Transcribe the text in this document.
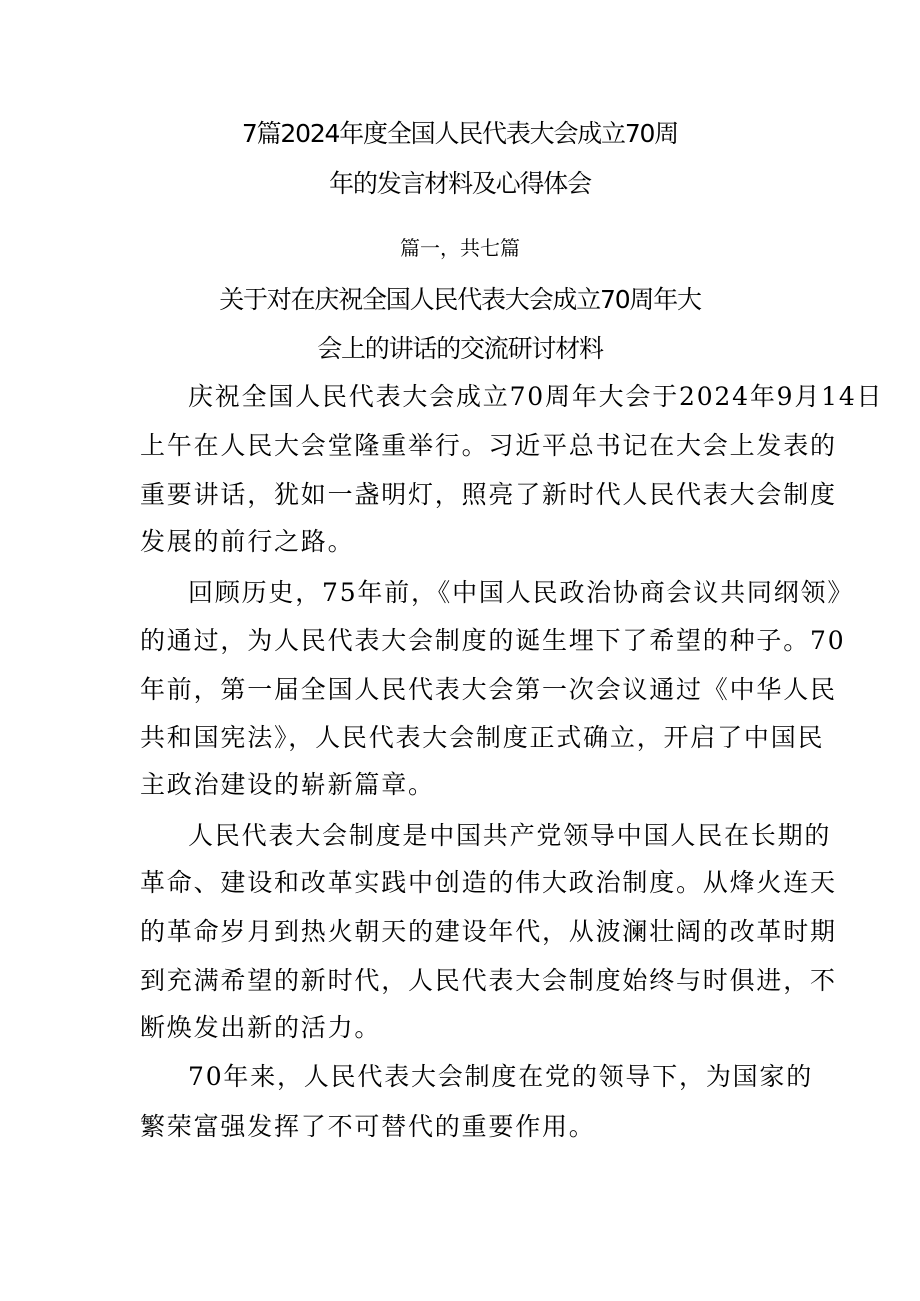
7篇2024年度全国人民代表大会成立70周
年的发言材料及心得体会
篇一，共七篇
关于对在庆祝全国人民代表大会成立70周年大
会上的讲话的交流研讨材料
庆祝全国人民代表大会成立70周年大会于2024年9月14日
上午在人民大会堂隆重举行。习近平总书记在大会上发表的
重要讲话，犹如一盏明灯，照亮了新时代人民代表大会制度
发展的前行之路。
回顾历史，75年前，《中国人民政治协商会议共同纲领》
的通过，为人民代表大会制度的诞生埋下了希望的种子。70
年前，第一届全国人民代表大会第一次会议通过《中华人民
共和国宪法》，人民代表大会制度正式确立，开启了中国民
主政治建设的崭新篇章。
人民代表大会制度是中国共产党领导中国人民在长期的
革命、建设和改革实践中创造的伟大政治制度。从烽火连天
的革命岁月到热火朝天的建设年代，从波澜壮阔的改革时期
到充满希望的新时代，人民代表大会制度始终与时俱进，不
断焕发出新的活力。
70年来，人民代表大会制度在党的领导下，为国家的
繁荣富强发挥了不可替代的重要作用。
